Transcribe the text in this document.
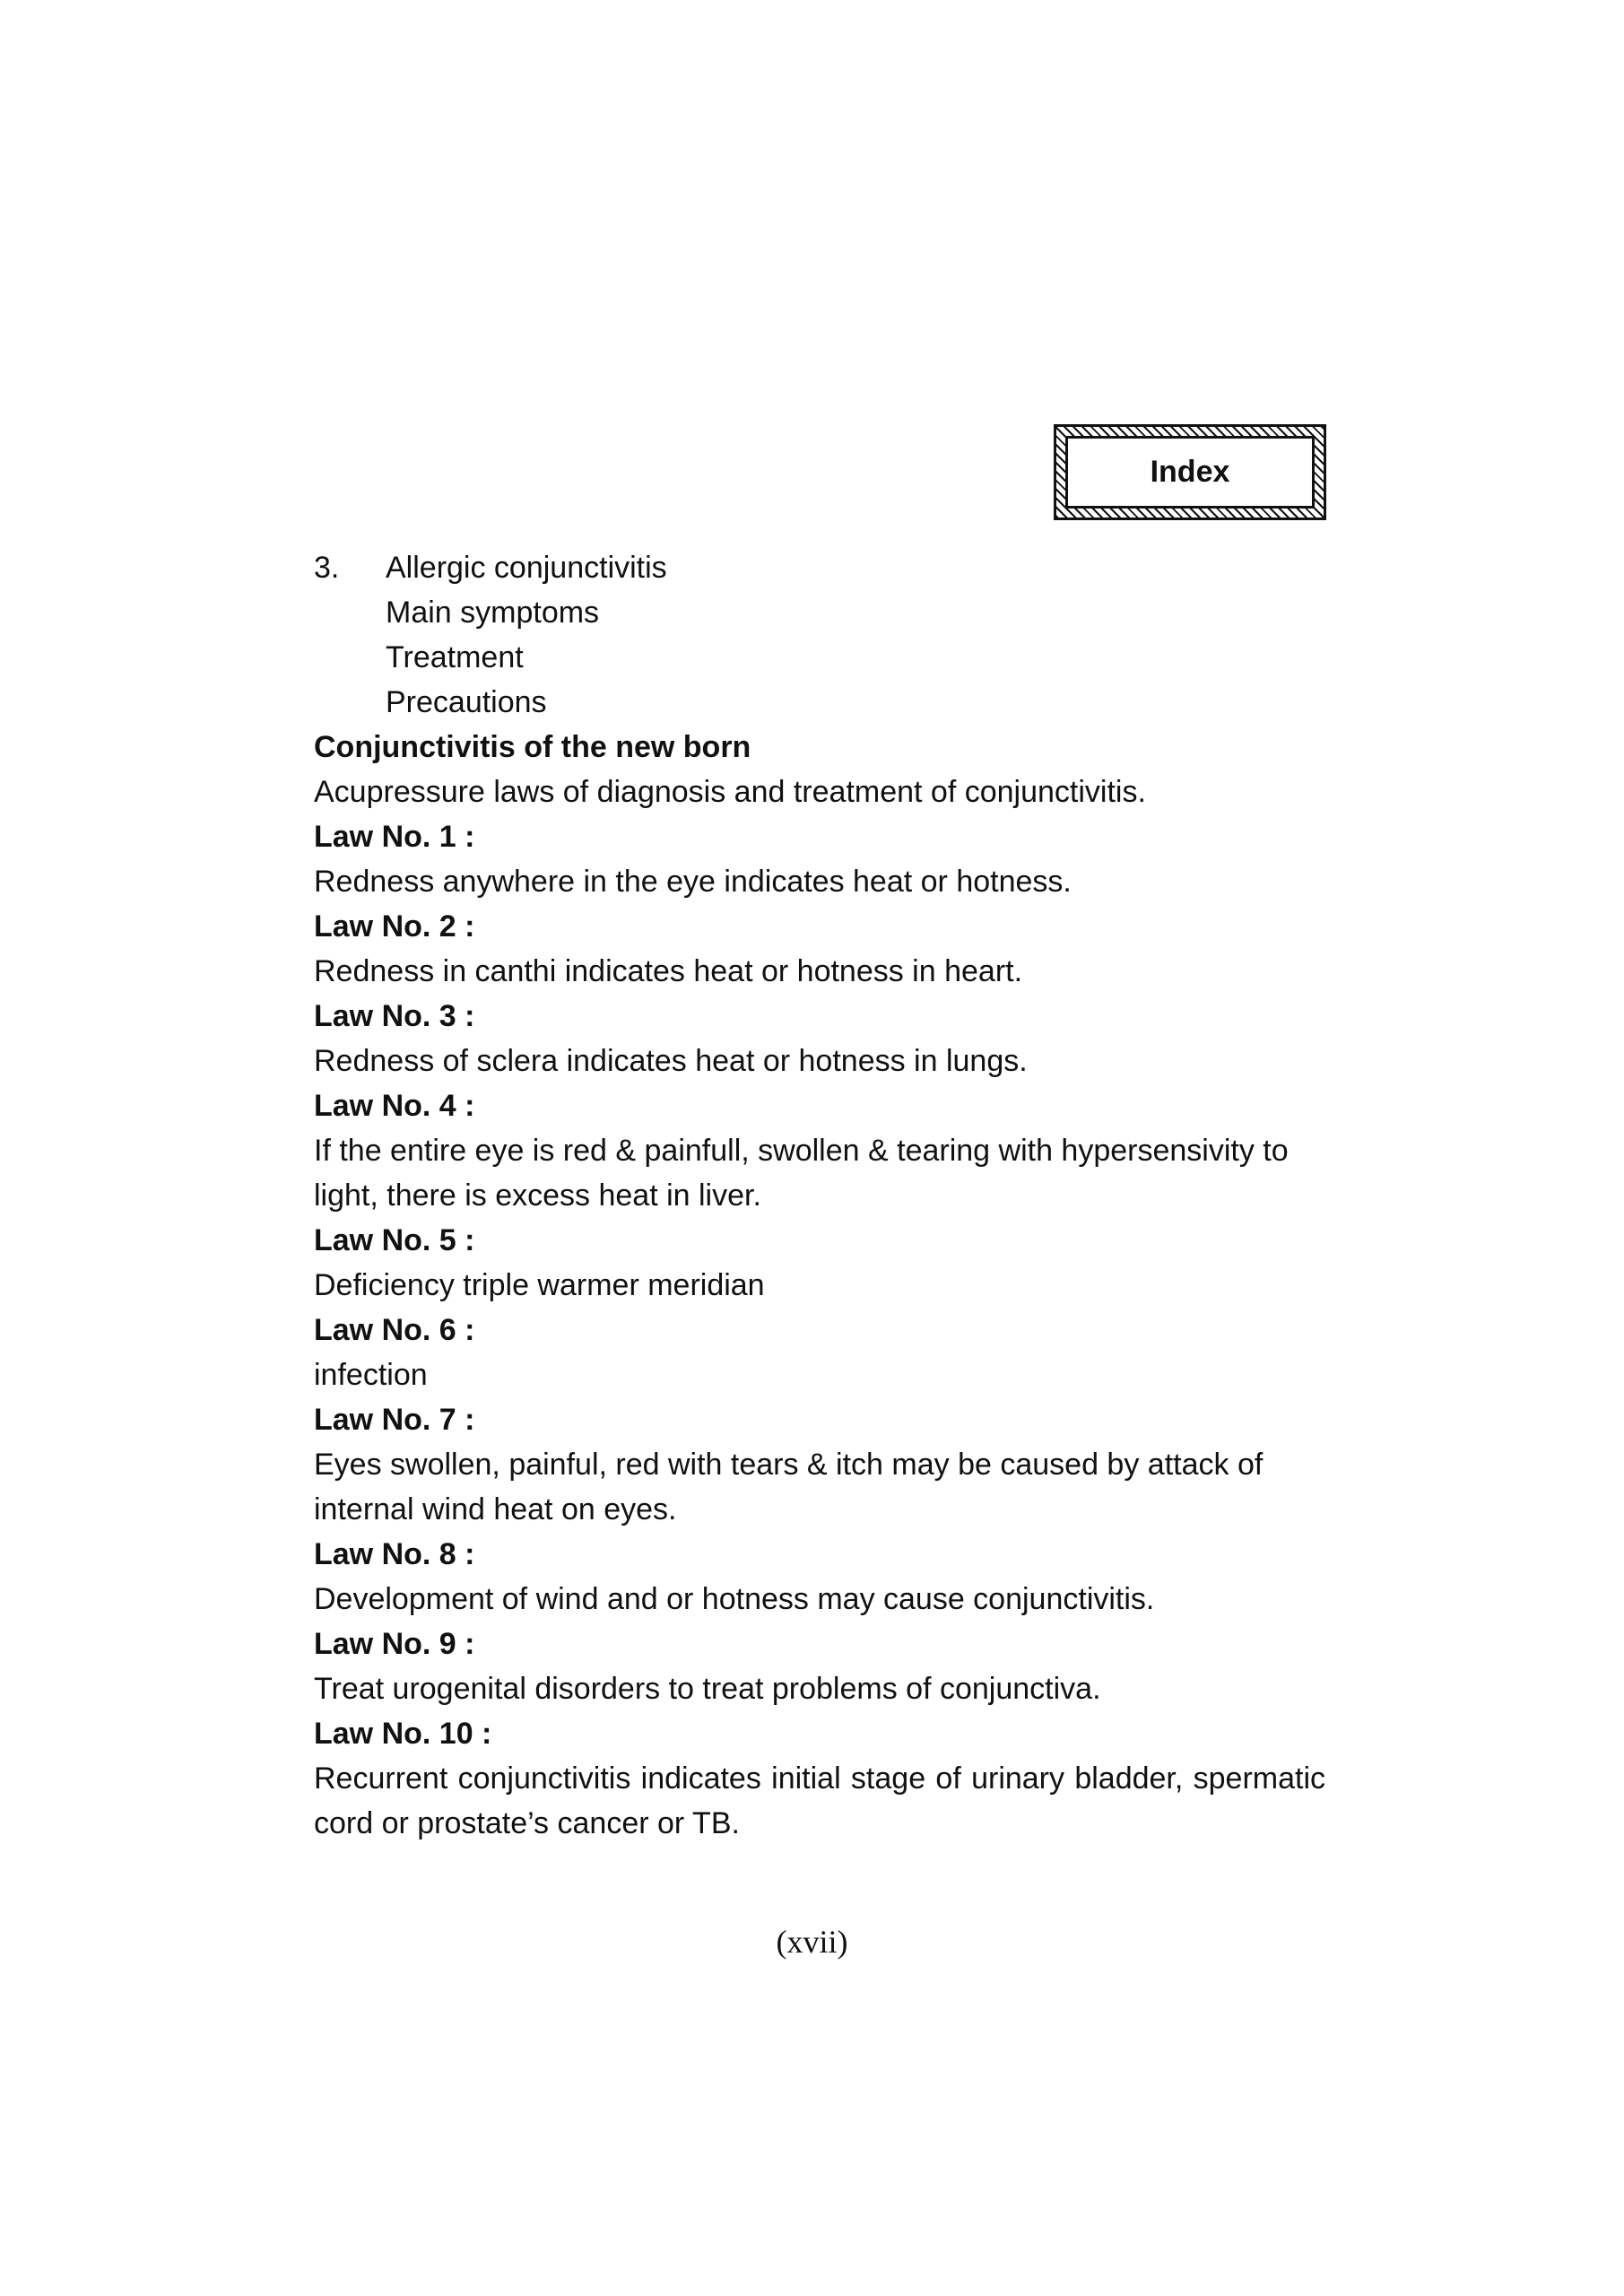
Index
3.	Allergic conjunctivitis
Main symptoms
Treatment
Precautions
Conjunctivitis of the new born
Acupressure laws of diagnosis and treatment of conjunctivitis.
Law No. 1 :
Redness anywhere in the eye indicates heat or hotness.
Law No. 2 :
Redness in canthi indicates heat or hotness in heart.
Law No. 3 :
Redness of sclera indicates heat or hotness in lungs.
Law No. 4 :
If the entire eye is red & painfull, swollen & tearing with hypersensivity to light, there is excess heat in liver.
Law No. 5 :
Deficiency triple warmer meridian
Law No. 6 :
infection
Law No. 7 :
Eyes swollen, painful, red with tears & itch may be caused by attack of internal wind heat on eyes.
Law No. 8 :
Development of wind and or hotness may cause conjunctivitis.
Law No. 9 :
Treat urogenital disorders to treat problems of conjunctiva.
Law No. 10 :
Recurrent conjunctivitis indicates initial stage of urinary bladder, spermatic cord or prostate’s cancer or TB.
(xvii)
